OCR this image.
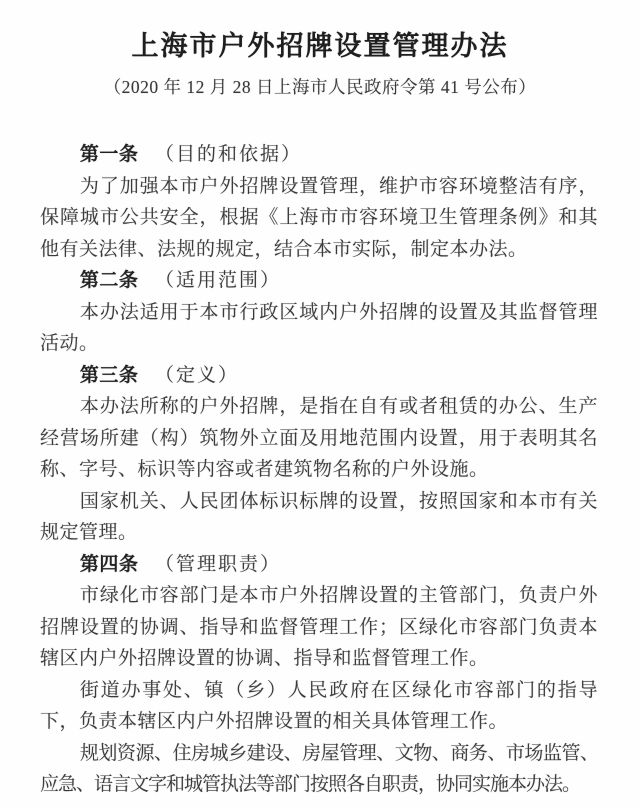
上海市户外招牌设置管理办法
（2020 年 12 月 28 日上海市人民政府令第 41 号公布）
第一条 （目的和依据）

为了加强本市户外招牌设置管理，维护市容环境整洁有序，保障城市公共安全，根据《上海市市容环境卫生管理条例》和其他有关法律、法规的规定，结合本市实际，制定本办法。

第二条 （适用范围）

本办法适用于本市行政区域内户外招牌的设置及其监督管理活动。

第三条 （定义）

本办法所称的户外招牌，是指在自有或者租赁的办公、生产经营场所建（构）筑物外立面及用地范围内设置，用于表明其名称、字号、标识等内容或者建筑物名称的户外设施。

国家机关、人民团体标识标牌的设置，按照国家和本市有关规定管理。

第四条 （管理职责）

市绿化市容部门是本市户外招牌设置的主管部门，负责户外招牌设置的协调、指导和监督管理工作；区绿化市容部门负责本辖区内户外招牌设置的协调、指导和监督管理工作。

街道办事处、镇（乡）人民政府在区绿化市容部门的指导下，负责本辖区内户外招牌设置的相关具体管理工作。

规划资源、住房城乡建设、房屋管理、文物、商务、市场监管、应急、语言文字和城管执法等部门按照各自职责，协同实施本办法。
